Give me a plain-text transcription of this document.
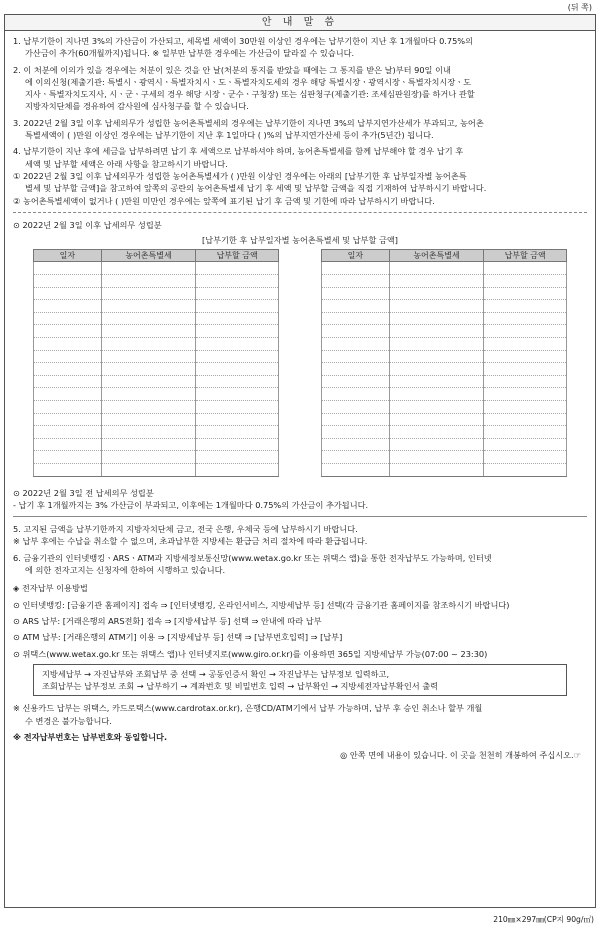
(뒤 쪽)
안 내 말 씀
1. 납부기한이 지나면 3%의 가산금이 가산되고, 세목별 세액이 30만원 이상인 경우에는 납부기한이 지난 후 1개월마다 0.75%의
가산금이 추가(60개월까지)됩니다. ※ 일부만 납부한 경우에는 가산금이 달라질 수 있습니다.
2. 이 처분에 이의가 있을 경우에는 처분이 있은 것을 안 날(처분의 통지를 받았을 때에는 그 통지를 받은 날)부터 90일 이내
에 이의신청(제출기관: 특별시ㆍ광역시ㆍ특별자치시ㆍ도ㆍ특별자치도세의 경우 해당 특별시장ㆍ광역시장ㆍ특별자치시장ㆍ도
지사ㆍ특별자치도지사, 시ㆍ군ㆍ구세의 경우 해당 시장ㆍ군수ㆍ구청장) 또는 심판청구(제출기관: 조세심판원장)를 하거나 관할
지방자치단체를 경유하여 감사원에 심사청구를 할 수 있습니다.
3. 2022년 2월 3일 이후 납세의무가 성립한 농어촌특별세의 경우에는 납부기한이 지나면 3%의 납부지연가산세가 부과되고, 농어촌
특별세액이 ( )만원 이상인 경우에는 납부기한이 지난 후 1일마다 ( )%의 납부지연가산세 등이 추가(5년간) 됩니다.
4. 납부기한이 지난 후에 세금을 납부하려면 납기 후 세액으로 납부하셔야 하며, 농어촌특별세를 함께 납부해야 할 경우 납기 후
세액 및 납부할 세액은 아래 사항을 참고하시기 바랍니다.
① 2022년 2월 3일 이후 납세의무가 성립한 농어촌특별세가 ( )만원 이상인 경우에는 아래의 [납부기한 후 납부일자별 농어촌특
별세 및 납부할 금액]을 참고하여 앞쪽의 공란의 농어촌특별세 납기 후 세액 및 납부할 금액을 직접 기재하여 납부하시기 바랍니다.
② 농어촌특별세액이 없거나 ( )만원 미만인 경우에는 앞쪽에 표기된 납기 후 금액 및 기한에 따라 납부하시기 바랍니다.
⊙ 2022년 2월 3일 이후 납세의무 성립분
[납부기한 후 납부일자별 농어촌특별세 및 납부할 금액]
일자	농어촌특별세	납부할 금액

			일자	농어촌특별세	납부할 금액

⊙ 2022년 2월 3일 전 납세의무 성립분
- 납기 후 1개월까지는 3% 가산금이 부과되고, 이후에는 1개월마다 0.75%의 가산금이 추가됩니다.
5. 고지된 금액을 납부기한까지 지방자치단체 금고, 전국 은행, 우체국 등에 납부하시기 바랍니다.
※ 납부 후에는 수납을 취소할 수 없으며, 초과납부한 지방세는 환급금 처리 절차에 따라 환급됩니다.
6. 금융기관의 인터넷뱅킹ㆍARSㆍATM과 지방세정보통신망(www.wetax.go.kr 또는 위택스 앱)을 통한 전자납부도 가능하며, 인터넷
에 의한 전자고지는 신청자에 한하여 시행하고 있습니다.
◈ 전자납부 이용방법
⊙ 인터넷뱅킹: [금융기관 홈페이지] 접속 ⇒ [인터넷뱅킹, 온라인서비스, 지방세납부 등] 선택(각 금융기관 홈페이지를 참조하시기 바랍니다)
⊙ ARS 납부: [거래은행의 ARS전화] 접속 ⇒ [지방세납부 등] 선택 ⇒ 안내에 따라 납부
⊙ ATM 납부: [거래은행의 ATM기] 이용 ⇒ [지방세납부 등] 선택 ⇒ [납부번호입력] ⇒ [납부]
⊙ 위택스(www.wetax.go.kr 또는 위택스 앱)나 인터넷지로(www.giro.or.kr)를 이용하면 365일 지방세납부 가능(07:00 ~ 23:30)
지방세납부 → 자진납부와 조회납부 중 선택 → 공동인증서 확인 → 자진납부는 납부정보 입력하고,
조회납부는 납부정보 조회 → 납부하기 → 계좌번호 및 비밀번호 입력 → 납부확인 → 지방세전자납부확인서 출력
※ 신용카드 납부는 위택스, 카드로택스(www.cardrotax.or.kr), 은행CD/ATM기에서 납부 가능하며, 납부 후 승인 취소나 할부 개월
수 변경은 불가능합니다.
※ 전자납부번호는 납부번호와 동일합니다.
◎ 안쪽 면에 내용이 있습니다. 이 곳을 천천히 개봉하여 주십시오.☞
210㎜×297㎜(CP지 90g/㎡)
